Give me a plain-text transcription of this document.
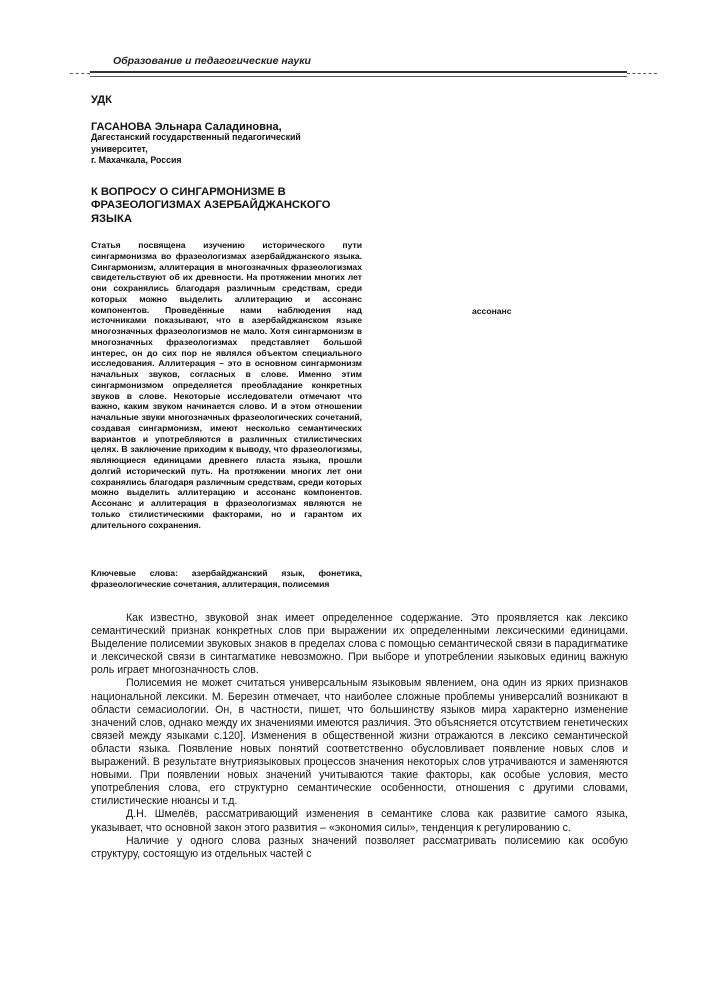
Образование и педагогические науки
УДК
ГАСАНОВА Эльнара Саладиновна,
Дагестанский государственный педагогический университет,
г. Махачкала, Россия
К ВОПРОСУ О СИНГАРМОНИЗМЕ В ФРАЗЕОЛОГИЗМАХ АЗЕРБАЙДЖАНСКОГО ЯЗЫКА

Статья посвящена изучению исторического пути сингармонизма во фразеологизмах азербайджанского языка. Сингармонизм, аллитерация в многозначных фразеологизмах свидетельствуют об их древности. На протяжении многих лет они сохранялись благодаря различным средствам, среди которых можно выделить аллитерацию и ассонанс компонентов. Проведённые нами наблюдения над источниками показывают, что в азербайджанском языке многозначных фразеологизмов не мало. Хотя сингармонизм в многозначных фразеологизмах представляет большой интерес, он до сих пор не являлся объектом специального исследования. Аллитерация – это в основном сингармонизм начальных звуков, согласных в слове. Именно этим сингармонизмом определяется преобладание конкретных звуков в слове. Некоторые исследователи отмечают что важно, каким звуком начинается слово. И в этом отношении начальные звуки многозначных фразеологических сочетаний, создавая сингармонизм, имеют несколько семантических вариантов и употребляются в различных стилистических целях. В заключение приходим к выводу, что фразеологизмы, являющиеся единицами древнего пласта языка, прошли долгий исторический путь. На протяжении многих лет они сохранялись благодаря различным средствам, среди которых можно выделить аллитерацию и ассонанс компонентов. Ассонанс и аллитерация в фразеологизмах являются не только стилистическими факторами, но и гарантом их длительного сохранения.

ассонанс

Ключевые слова: азербайджанский язык, фонетика, фразеологические сочетания, аллитерация, полисемия

Как известно, звуковой знак имеет определенное содержание. Это проявляется как лексико семантический признак конкретных слов при выражении их определенными лексическими единицами. Выделение полисемии звуковых знаков в пределах слова с помощью семантической связи в парадигматике и лексической связи в синтагматике невозможно. При выборе и употреблении языковых единиц важную роль играет многозначность слов.

Полисемия не может считаться универсальным языковым явлением, она один из ярких признаков национальной лексики. М. Березин отмечает, что наиболее сложные проблемы универсалий возникают в области семасиологии. Он, в частности, пишет, что большинству языков мира характерно изменение значений слов, однако между их значениями имеются различия. Это объясняется отсутствием генетических связей между языками с.120]. Изменения в общественной жизни отражаются в лексико семантической области языка. Появление новых понятий соответственно обусловливает появление новых слов и выражений. В результате внутриязыковых процессов значения некоторых слов утрачиваются и заменяются новыми. При появлении новых значений учитываются такие факторы, как особые условия, место употребления слова, его структурно семантические особенности, отношения с другими словами, стилистические нюансы и т.д.

Д.Н. Шмелёв, рассматривающий изменения в семантике слова как развитие самого языка, указывает, что основной закон этого развития – «экономия силы», тенденция к регулированию с.

Наличие у одного слова разных значений позволяет рассматривать полисемию как особую структуру, состоящую из отдельных частей с
